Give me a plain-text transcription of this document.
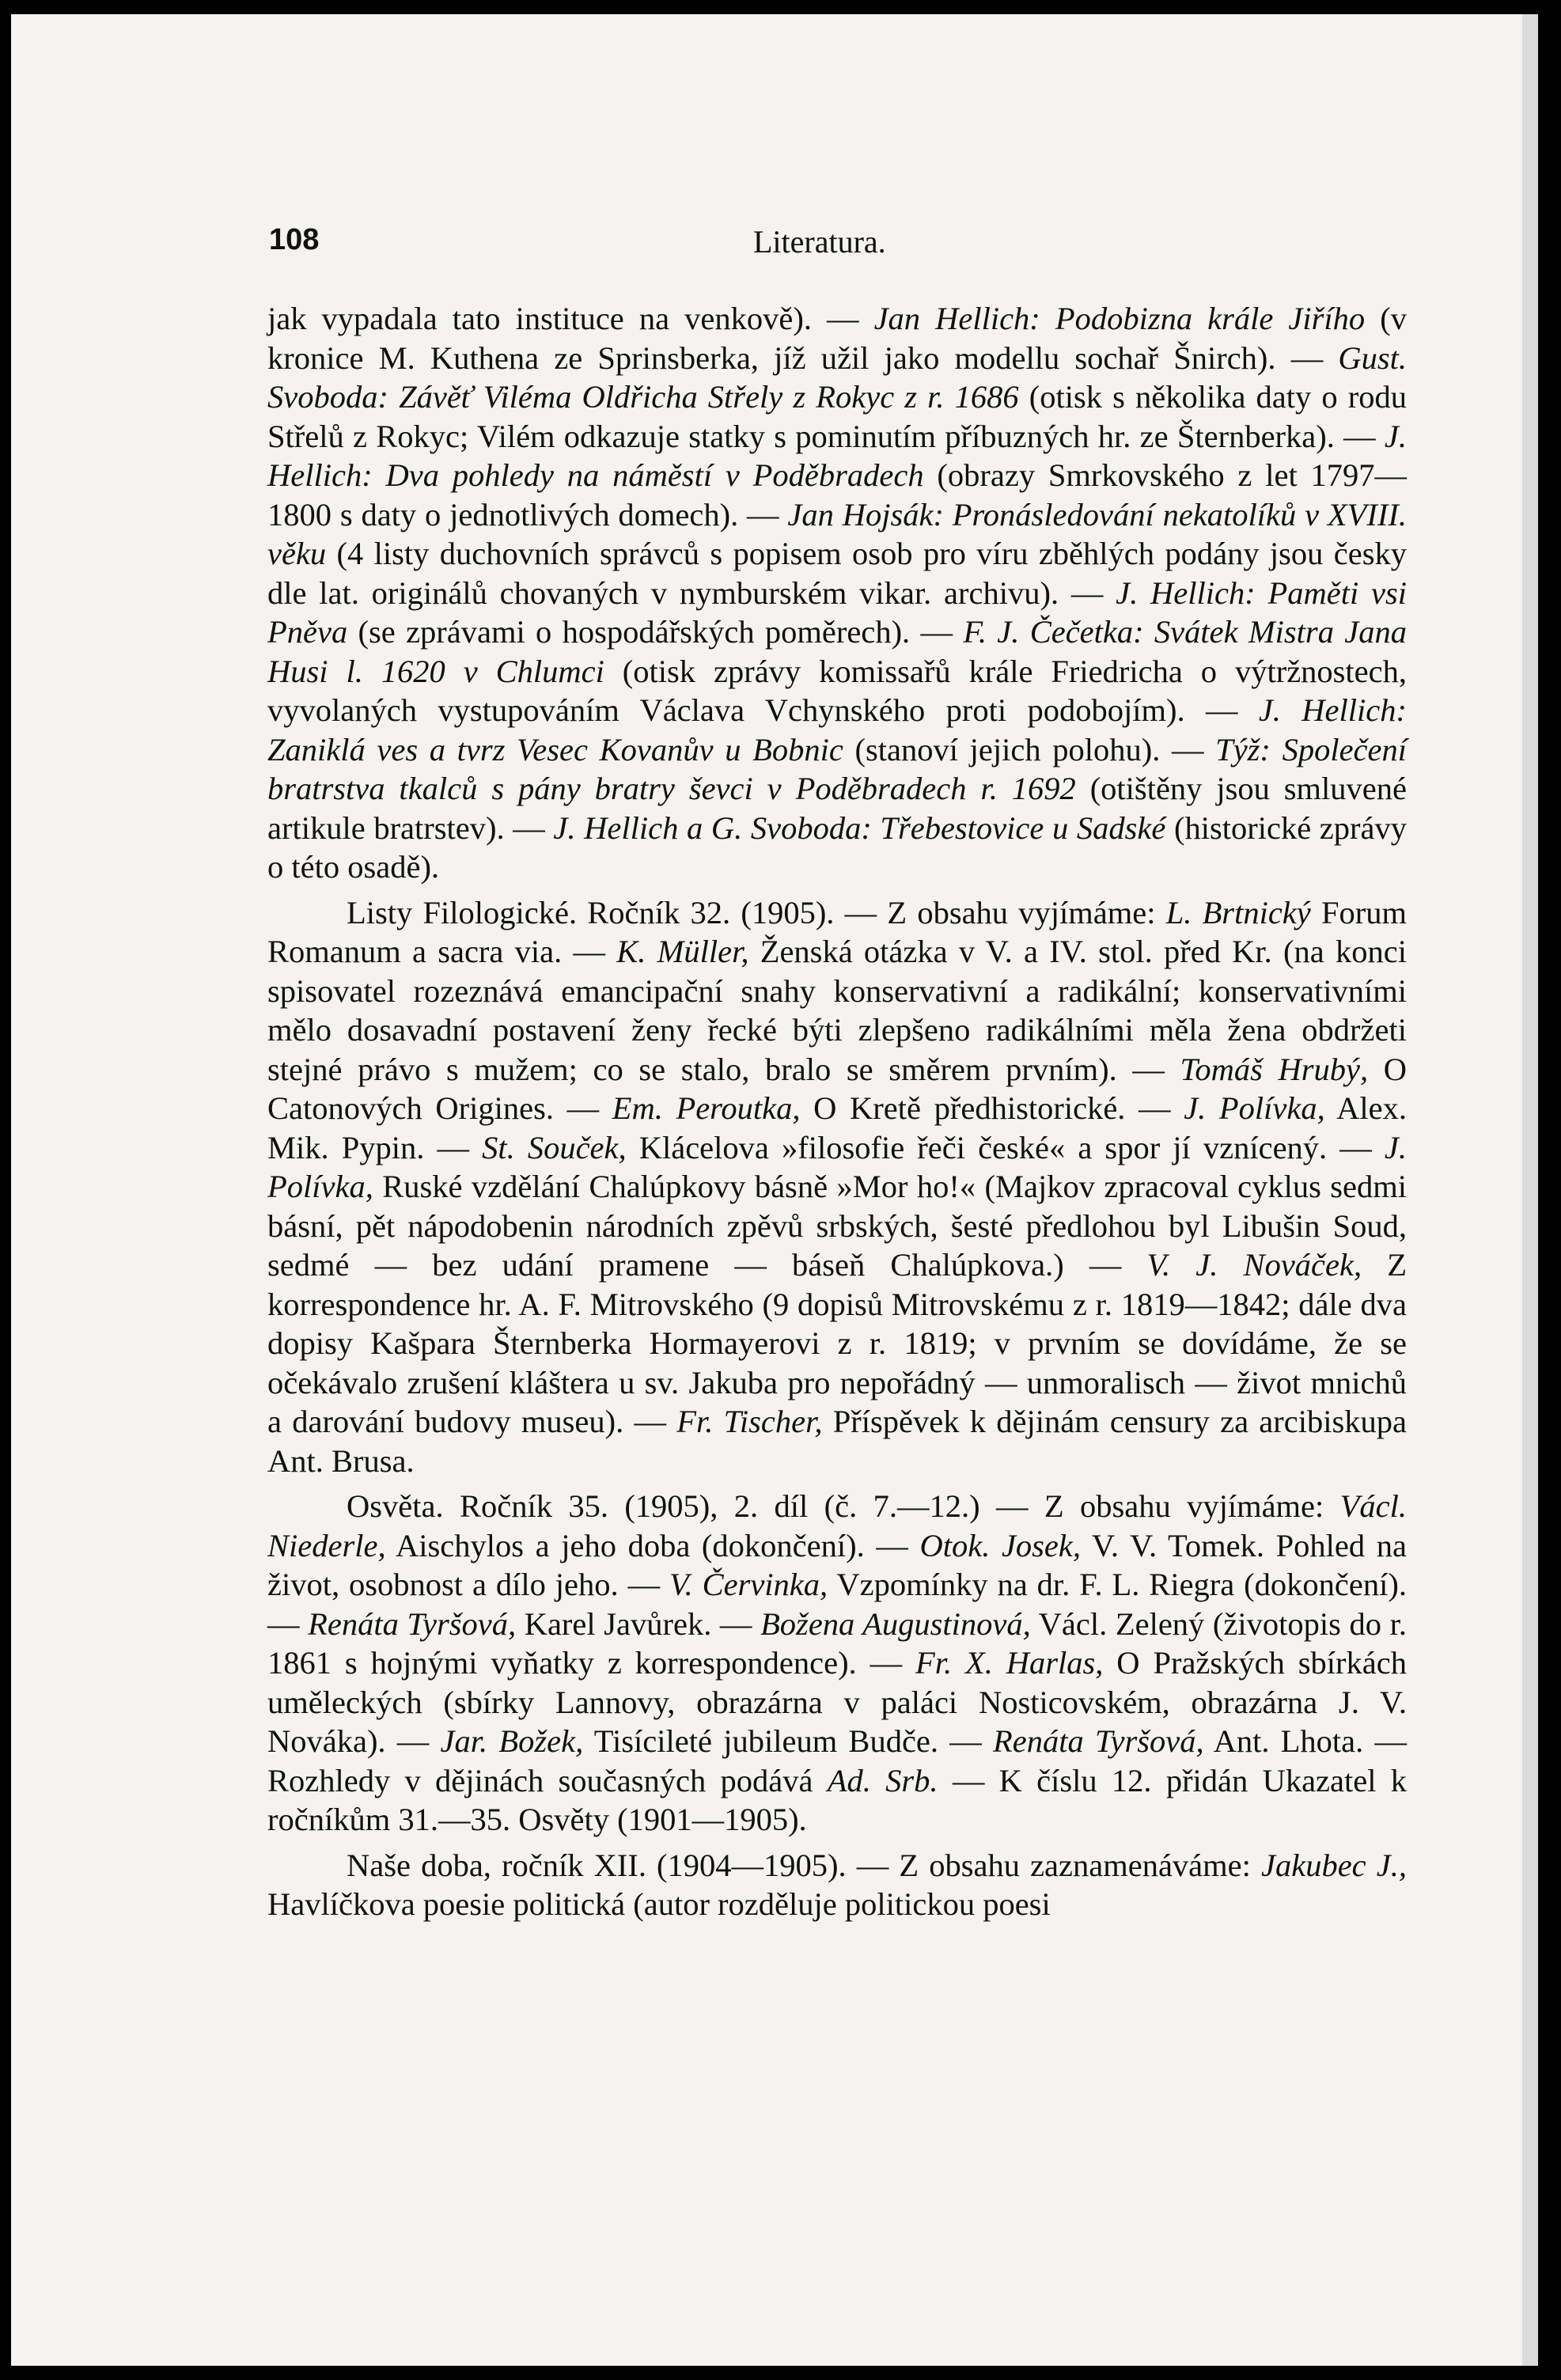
108	Literatura.

jak vypadala tato instituce na venkově). — Jan Hellich: Podobizna krále Jiřího (v kronice M. Kuthena ze Sprinsberka, jíž užil jako modellu sochař Šnirch). — Gust. Svoboda: Závěť Viléma Oldřicha Střely z Rokyc z r. 1686 (otisk s několika daty o rodu Střelů z Rokyc; Vilém odkazuje statky s pominutím příbuzných hr. ze Šternberka). — J. Hellich: Dva pohledy na náměstí v Poděbradech (obrazy Smrkovského z let 1797—1800 s daty o jednotlivých domech). — Jan Hojsák: Pronásledování nekatolíků v XVIII. věku (4 listy duchovních správců s popisem osob pro víru zběhlých podány jsou česky dle lat. originálů chovaných v nymburském vikar. archivu). — J. Hellich: Paměti vsi Pněva (se zprávami o hospodářských poměrech). — F. J. Čečetka: Svátek Mistra Jana Husi l. 1620 v Chlumci (otisk zprávy komissařů krále Friedricha o výtržnostech, vyvolaných vystupováním Václava Vchynského proti podobojím). — J. Hellich: Zaniklá ves a tvrz Vesec Kovanův u Bobnic (stanoví jejich polohu). — Týž: Společení bratrstva tkalců s pány bratry ševci v Poděbradech r. 1692 (otištěny jsou smluvené artikule bratrstev). — J. Hellich a G. Svoboda: Třebestovice u Sadské (historické zprávy o této osadě).

Listy Filologické. Ročník 32. (1905). — Z obsahu vyjímáme: L. Brtnický Forum Romanum a sacra via. — K. Müller, Ženská otázka v V. a IV. stol. před Kr. (na konci spisovatel rozeznává emancipační snahy konservativní a radikální; konservativními mělo dosavadní postavení ženy řecké býti zlepšeno radikálními měla žena obdržeti stejné právo s mužem; co se stalo, bralo se směrem prvním). — Tomáš Hrubý, O Catonových Origines. — Em. Peroutka, O Kretě předhistorické. — J. Polívka, Alex. Mik. Pypin. — St. Souček, Klácelova »filosofie řeči české« a spor jí vznícený. — J. Polívka, Ruské vzdělání Chalúpkovy básně »Mor ho!« (Majkov zpracoval cyklus sedmi básní, pět nápodobenin národních zpěvů srbských, šesté předlohou byl Libušin Soud, sedmé — bez udání pramene — báseň Chalúpkova.) — V. J. Nováček, Z korrespondence hr. A. F. Mitrovského (9 dopisů Mitrovskému z r. 1819—1842; dále dva dopisy Kašpara Šternberka Hormayerovi z r. 1819; v prvním se dovídáme, že se očekávalo zrušení kláštera u sv. Jakuba pro nepořádný — unmoralisch — život mnichů a darování budovy museu). — Fr. Tischer, Příspěvek k dějinám censury za arcibiskupa Ant. Brusa.

Osvěta. Ročník 35. (1905), 2. díl (č. 7.—12.) — Z obsahu vyjímáme: Václ. Niederle, Aischylos a jeho doba (dokončení). — Otok. Josek, V. V. Tomek. Pohled na život, osobnost a dílo jeho. — V. Červinka, Vzpomínky na dr. F. L. Riegra (dokončení). — Renáta Tyršová, Karel Javůrek. — Božena Augustinová, Václ. Zelený (životopis do r. 1861 s hojnými vyňatky z korrespondence). — Fr. X. Harlas, O Pražských sbírkách uměleckých (sbírky Lannovy, obrazárna v paláci Nosticovském, obrazárna J. V. Nováka). — Jar. Božek, Tisícileté jubileum Budče. — Renáta Tyršová, Ant. Lhota. — Rozhledy v dějinách současných podává Ad. Srb. — K číslu 12. přidán Ukazatel k ročníkům 31.—35. Osvěty (1901—1905).

Naše doba, ročník XII. (1904—1905). — Z obsahu zaznamenáváme: Jakubec J., Havlíčkova poesie politická (autor rozděluje politickou poesi
